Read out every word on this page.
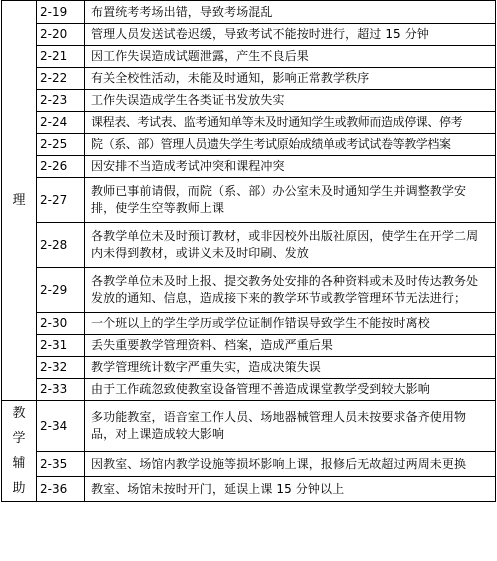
理	2-19	布置统考考场出错，导致考场混乱
	2-20	管理人员发送试卷迟缓，导致考试不能按时进行，超过 15 分钟
	2-21	因工作失误造成试题泄露，产生不良后果
	2-22	有关全校性活动，未能及时通知，影响正常教学秩序
	2-23	工作失误造成学生各类证书发放失实
	2-24	课程表、考试表、监考通知单等未及时通知学生或教师而造成停课、停考
	2-25	院（系、部）管理人员遗失学生考试原始成绩单或考试试卷等教学档案
	2-26	因安排不当造成考试冲突和课程冲突
	2-27	教师已事前请假，而院（系、部）办公室未及时通知学生并调整教学安排，使学生空等教师上课
	2-28	各教学单位未及时预订教材，或非因校外出版社原因，使学生在开学二周内未得到教材，或讲义未及时印刷、发放
	2-29	各教学单位未及时上报、提交教务处安排的各种资料或未及时传达教务处发放的通知、信息，造成接下来的教学环节或教学管理环节无法进行；
	2-30	一个班以上的学生学历或学位证制作错误导致学生不能按时离校
	2-31	丢失重要教学管理资料、档案，造成严重后果
	2-32	教学管理统计数字严重失实，造成决策失误
	2-33	由于工作疏忽致使教室设备管理不善造成课堂教学受到较大影响

教
学
辅
助	2-34	多功能教室，语音室工作人员、场地器械管理人员未按要求备齐使用物品，对上课造成较大影响
	2-35	因教室、场馆内教学设施等损坏影响上课，报修后无故超过两周未更换
	2-36	教室、场馆未按时开门，延误上课 15 分钟以上
